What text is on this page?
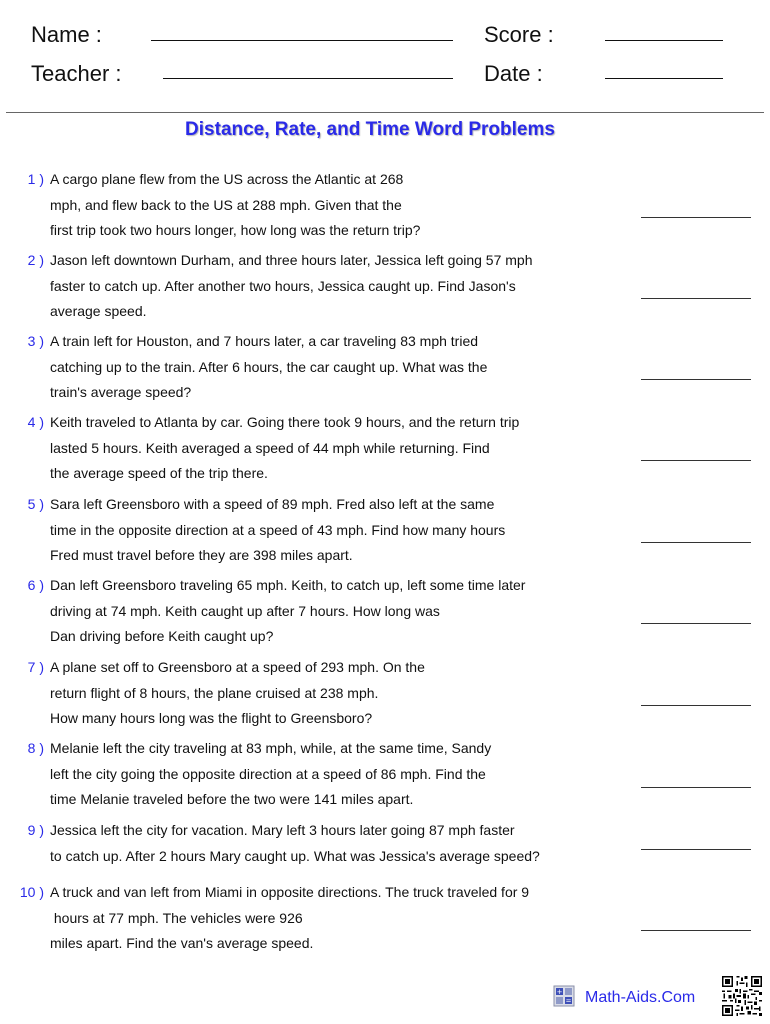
Name :
Teacher :
Score :
Date :
Distance, Rate, and Time Word Problems
1 ) A cargo plane flew from the US across the Atlantic at 268
mph, and flew back to the US at 288 mph. Given that the
first trip took two hours longer, how long was the return trip?
2 ) Jason left downtown Durham, and three hours later, Jessica left going 57 mph
faster to catch up. After another two hours, Jessica caught up. Find Jason's
average speed.
3 ) A train left for Houston, and 7 hours later, a car traveling 83 mph tried
catching up to the train. After 6 hours, the car caught up. What was the
train's average speed?
4 ) Keith traveled to Atlanta by car. Going there took 9 hours, and the return trip
lasted 5 hours. Keith averaged a speed of 44 mph while returning. Find
the average speed of the trip there.
5 ) Sara left Greensboro with a speed of 89 mph. Fred also left at the same
time in the opposite direction at a speed of 43 mph. Find how many hours
Fred must travel before they are 398 miles apart.
6 ) Dan left Greensboro traveling 65 mph. Keith, to catch up, left some time later
driving at 74 mph. Keith caught up after 7 hours. How long was
Dan driving before Keith caught up?
7 ) A plane set off to Greensboro at a speed of 293 mph. On the
return flight of 8 hours, the plane cruised at 238 mph.
How many hours long was the flight to Greensboro?
8 ) Melanie left the city traveling at 83 mph, while, at the same time, Sandy
left the city going the opposite direction at a speed of 86 mph. Find the
time Melanie traveled before the two were 141 miles apart.
9 ) Jessica left the city for vacation. Mary left 3 hours later going 87 mph faster
to catch up. After 2 hours Mary caught up. What was Jessica's average speed?
10 ) A truck and van left from Miami in opposite directions. The truck traveled for 9
hours at 77 mph. The vehicles were 926
miles apart. Find the van's average speed.
+
= Math-Aids.Com
